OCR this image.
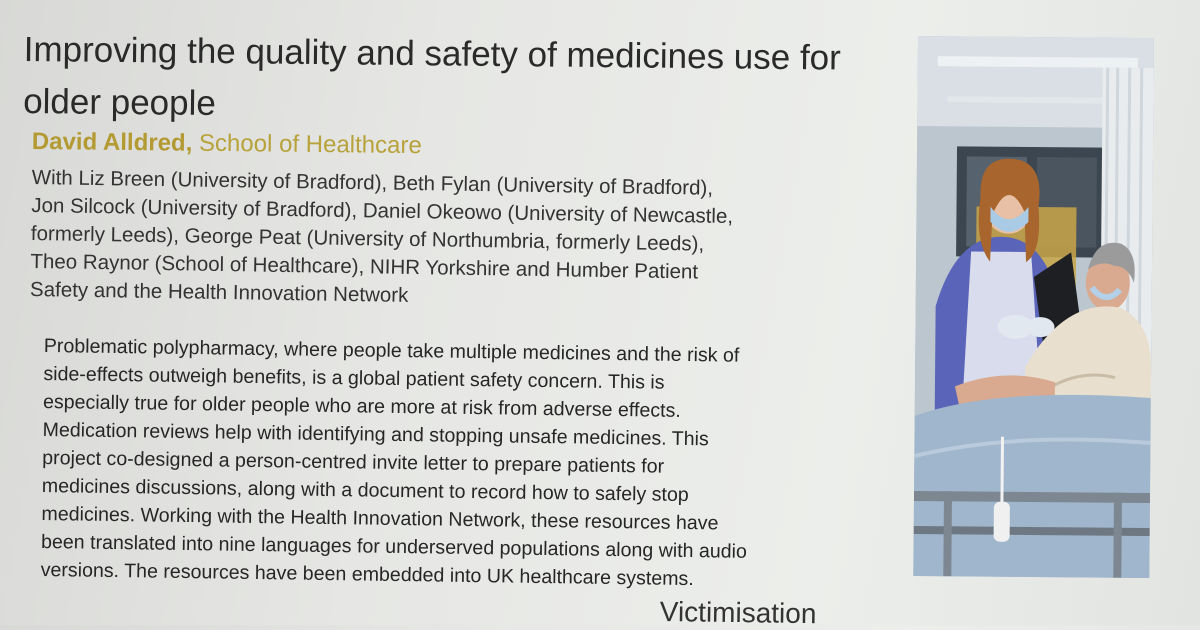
Improving the quality and safety of medicines use for
older people
David Alldred, School of Healthcare
With Liz Breen (University of Bradford), Beth Fylan (University of Bradford),
Jon Silcock (University of Bradford), Daniel Okeowo (University of Newcastle,
formerly Leeds), George Peat (University of Northumbria, formerly Leeds),
Theo Raynor (School of Healthcare), NIHR Yorkshire and Humber Patient
Safety and the Health Innovation Network
Problematic polypharmacy, where people take multiple medicines and the risk of
side-effects outweigh benefits, is a global patient safety concern. This is
especially true for older people who are more at risk from adverse effects.
Medication reviews help with identifying and stopping unsafe medicines. This
project co-designed a person-centred invite letter to prepare patients for
medicines discussions, along with a document to record how to safely stop
medicines. Working with the Health Innovation Network, these resources have
been translated into nine languages for underserved populations along with audio
versions. The resources have been embedded into UK healthcare systems.
Victimisation
